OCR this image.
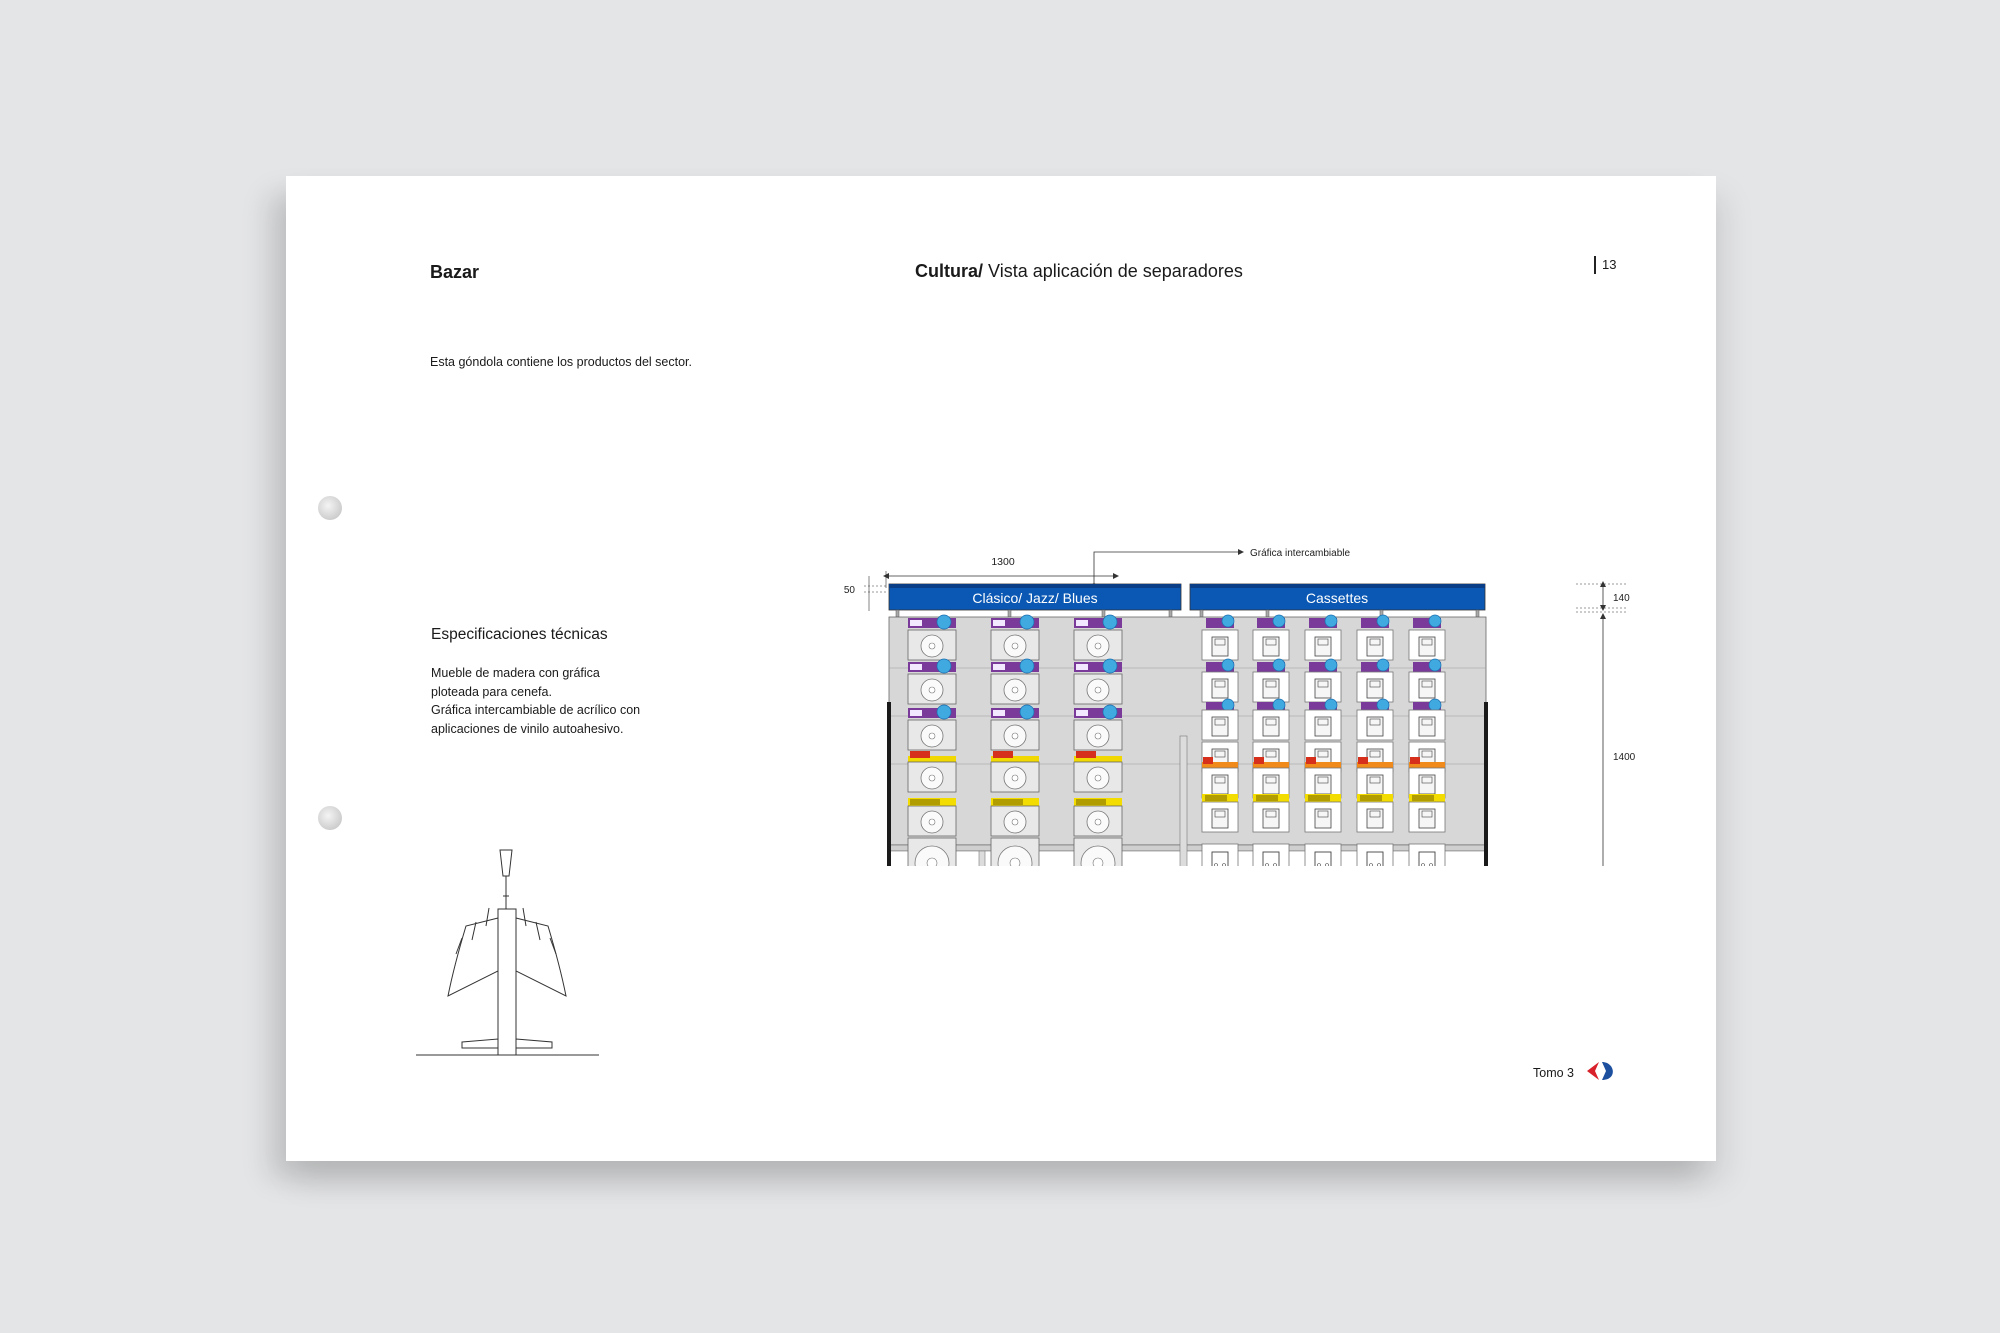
Bazar	Cultura/ Vista aplicación de separadores	13
Esta góndola contiene los productos del sector.
Especificaciones técnicas
Mueble de madera con gráfica
ploteada para cenefa.
Gráfica intercambiable de acrílico con
aplicaciones de vinilo autoahesivo.
Gráfica intercambiable
1300
50
140
1400
Clásico/ Jazz/ Blues	Cassettes
Tomo 3
